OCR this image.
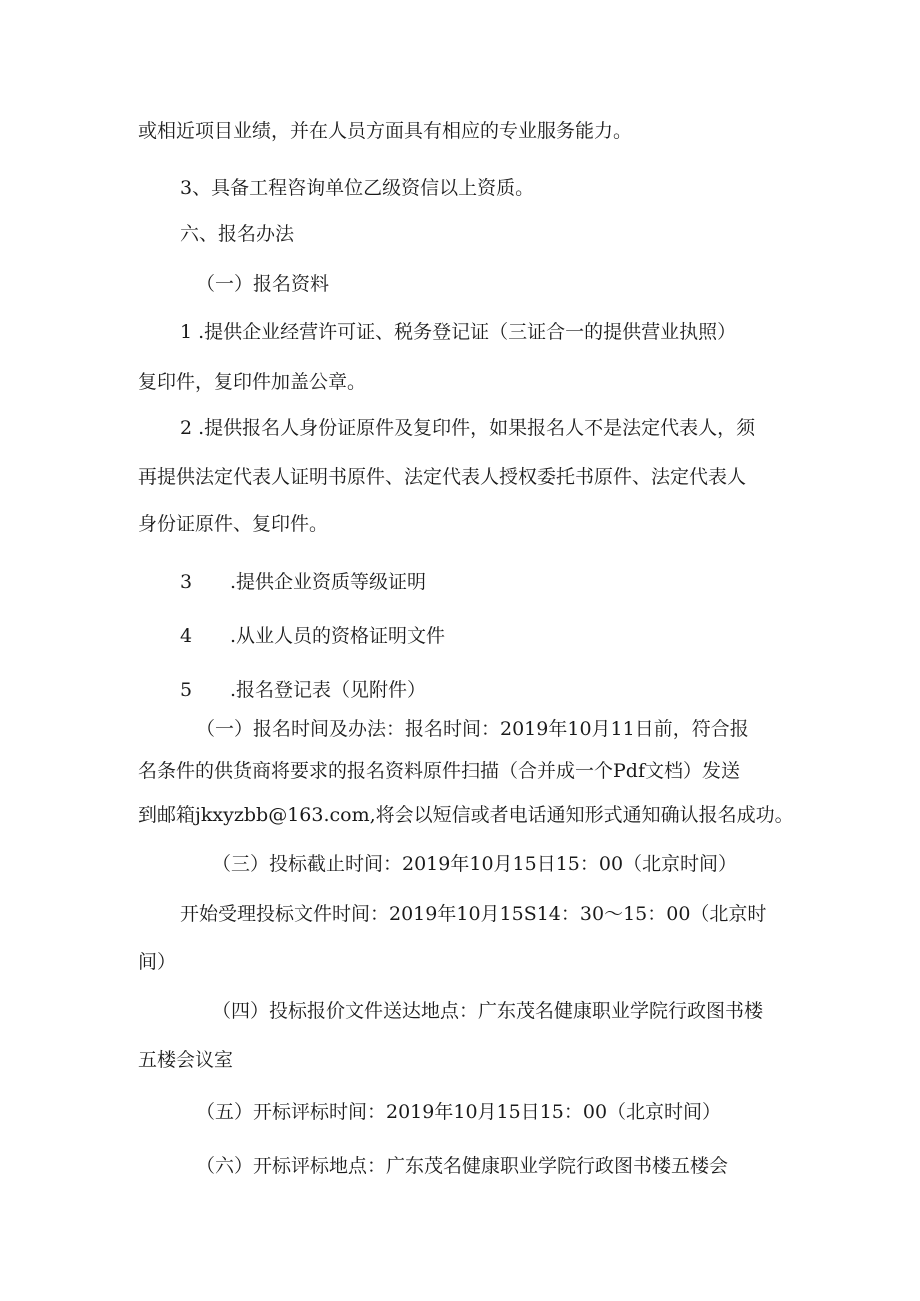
或相近项目业绩，并在人员方面具有相应的专业服务能力。
3、具备工程咨询单位乙级资信以上资质。
六、报名办法
（一）报名资料
1 .提供企业经营许可证、税务登记证（三证合一的提供营业执照）
复印件，复印件加盖公章。
2 .提供报名人身份证原件及复印件，如果报名人不是法定代表人，须
再提供法定代表人证明书原件、法定代表人授权委托书原件、法定代表人
身份证原件、复印件。
3 .提供企业资质等级证明
4 .从业人员的资格证明文件
5 .报名登记表（见附件）
（一）报名时间及办法：报名时间：2019年10月11日前，符合报
名条件的供货商将要求的报名资料原件扫描（合并成一个Pdf文档）发送
到邮箱jkxyzbb@163.com,将会以短信或者电话通知形式通知确认报名成功。
（三）投标截止时间：2019年10月15日15：00（北京时间）
开始受理投标文件时间：2019年10月15S14：30～15：00（北京时
间）
（四）投标报价文件送达地点：广东茂名健康职业学院行政图书楼
五楼会议室
（五）开标评标时间：2019年10月15日15：00（北京时间）
（六）开标评标地点：广东茂名健康职业学院行政图书楼五楼会
